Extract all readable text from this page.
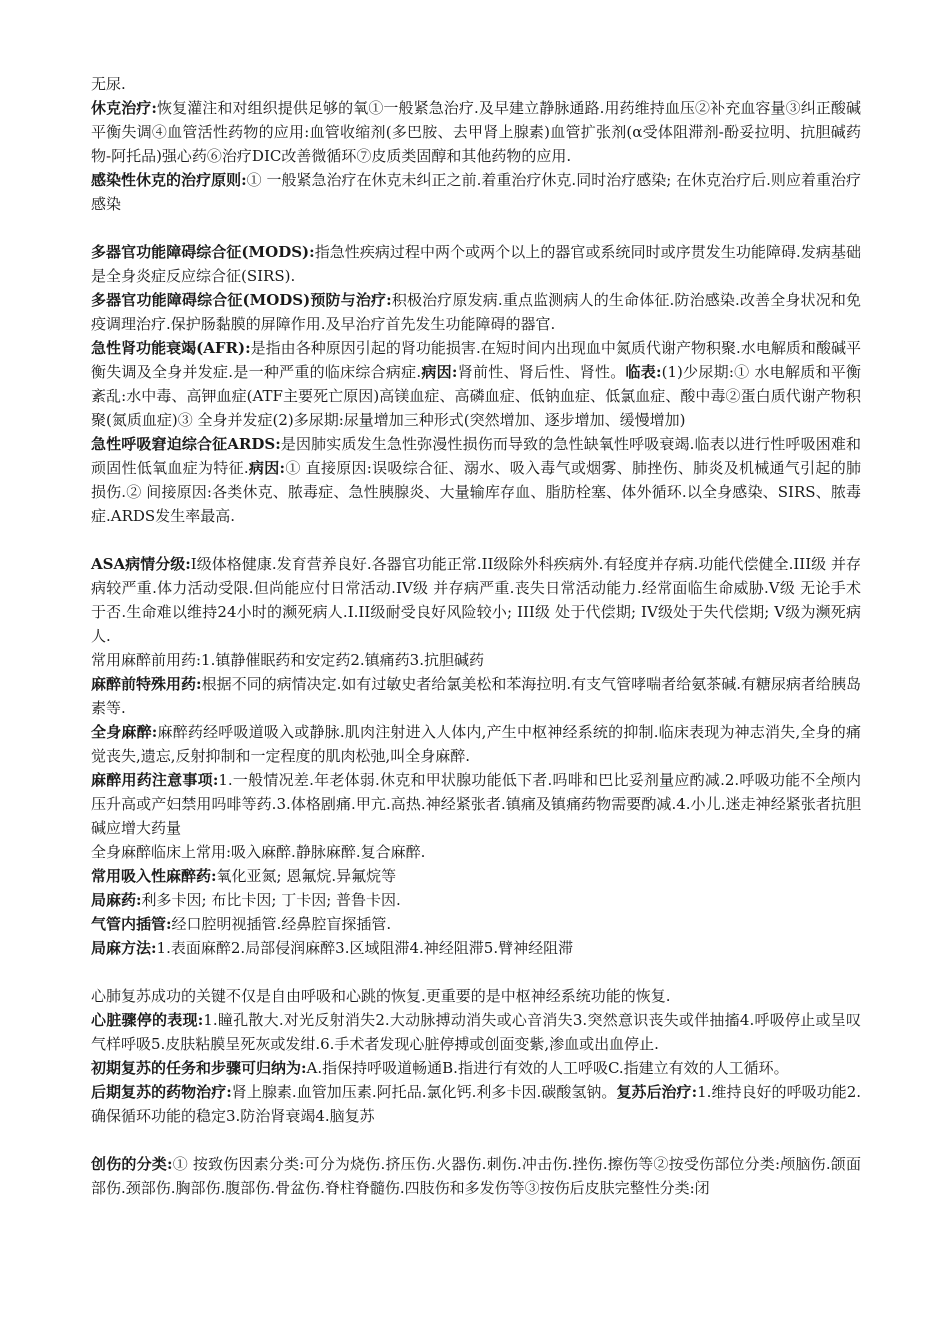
无尿.

休克治疗:恢复灌注和对组织提供足够的氧①一般紧急治疗.及早建立静脉通路.用药维持血压②补充血容量③纠正酸碱平衡失调④血管活性药物的应用:血管收缩剂(多巴胺、去甲肾上腺素)血管扩张剂(α受体阻滞剂-酚妥拉明、抗胆碱药物-阿托品)强心药⑥治疗DIC改善微循环⑦皮质类固醇和其他药物的应用.

感染性休克的治疗原则:① 一般紧急治疗在休克未纠正之前.着重治疗休克.同时治疗感染; 在休克治疗后.则应着重治疗感染

多器官功能障碍综合征(MODS):指急性疾病过程中两个或两个以上的器官或系统同时或序贯发生功能障碍.发病基础是全身炎症反应综合征(SIRS).

多器官功能障碍综合征(MODS)预防与治疗:积极治疗原发病.重点监测病人的生命体征.防治感染.改善全身状况和免疫调理治疗.保护肠黏膜的屏障作用.及早治疗首先发生功能障碍的器官.

急性肾功能衰竭(AFR):是指由各种原因引起的肾功能损害.在短时间内出现血中氮质代谢产物积聚.水电解质和酸碱平衡失调及全身并发症.是一种严重的临床综合病症.病因:肾前性、肾后性、肾性。临表:(1)少尿期:① 水电解质和平衡紊乱:水中毒、高钾血症(ATF主要死亡原因)高镁血症、高磷血症、低钠血症、低氯血症、酸中毒②蛋白质代谢产物积聚(氮质血症)③ 全身并发症(2)多尿期:尿量增加三种形式(突然增加、逐步增加、缓慢增加)

急性呼吸窘迫综合征ARDS:是因肺实质发生急性弥漫性损伤而导致的急性缺氧性呼吸衰竭.临表以进行性呼吸困难和顽固性低氧血症为特征.病因:① 直接原因:误吸综合征、溺水、吸入毒气或烟雾、肺挫伤、肺炎及机械通气引起的肺损伤.② 间接原因:各类休克、脓毒症、急性胰腺炎、大量输库存血、脂肪栓塞、体外循环.以全身感染、SIRS、脓毒症.ARDS发生率最高.

ASA病情分级:I级体格健康.发育营养良好.各器官功能正常.II级除外科疾病外.有轻度并存病.功能代偿健全.III级 并存病较严重.体力活动受限.但尚能应付日常活动.IV级 并存病严重.丧失日常活动能力.经常面临生命威胁.V级 无论手术于否.生命难以维持24小时的濒死病人.I.II级耐受良好风险较小; III级 处于代偿期; IV级处于失代偿期; V级为濒死病人.

常用麻醉前用药:1.镇静催眠药和安定药2.镇痛药3.抗胆碱药

麻醉前特殊用药:根据不同的病情决定.如有过敏史者给氯美松和苯海拉明.有支气管哮喘者给氨茶碱.有糖尿病者给胰岛素等.

全身麻醉:麻醉药经呼吸道吸入或静脉.肌肉注射进入人体内,产生中枢神经系统的抑制.临床表现为神志消失,全身的痛觉丧失,遗忘,反射抑制和一定程度的肌肉松弛,叫全身麻醉.

麻醉用药注意事项:1.一般情况差.年老体弱.休克和甲状腺功能低下者.吗啡和巴比妥剂量应酌减.2.呼吸功能不全颅内压升高或产妇禁用吗啡等药.3.体格剧痛.甲亢.高热.神经紧张者.镇痛及镇痛药物需要酌减.4.小儿.迷走神经紧张者抗胆碱应增大药量

全身麻醉临床上常用:吸入麻醉.静脉麻醉.复合麻醉.

常用吸入性麻醉药:氧化亚氮; 恩氟烷.异氟烷等

局麻药:利多卡因; 布比卡因; 丁卡因; 普鲁卡因.

气管内插管:经口腔明视插管.经鼻腔盲探插管.

局麻方法:1.表面麻醉2.局部侵润麻醉3.区域阻滞4.神经阻滞5.臂神经阻滞

心肺复苏成功的关键不仅是自由呼吸和心跳的恢复.更重要的是中枢神经系统功能的恢复.

心脏骤停的表现:1.瞳孔散大.对光反射消失2.大动脉搏动消失或心音消失3.突然意识丧失或伴抽搐4.呼吸停止或呈叹气样呼吸5.皮肤粘膜呈死灰或发绀.6.手术者发现心脏停搏或创面变紫,渗血或出血停止.

初期复苏的任务和步骤可归纳为:A.指保持呼吸道畅通B.指进行有效的人工呼吸C.指建立有效的人工循环。

后期复苏的药物治疗:肾上腺素.血管加压素.阿托品.氯化钙.利多卡因.碳酸氢钠。复苏后治疗:1.维持良好的呼吸功能2.确保循环功能的稳定3.防治肾衰竭4.脑复苏

创伤的分类:① 按致伤因素分类:可分为烧伤.挤压伤.火器伤.刺伤.冲击伤.挫伤.擦伤等②按受伤部位分类:颅脑伤.颌面部伤.颈部伤.胸部伤.腹部伤.骨盆伤.脊柱脊髓伤.四肢伤和多发伤等③按伤后皮肤完整性分类:闭
